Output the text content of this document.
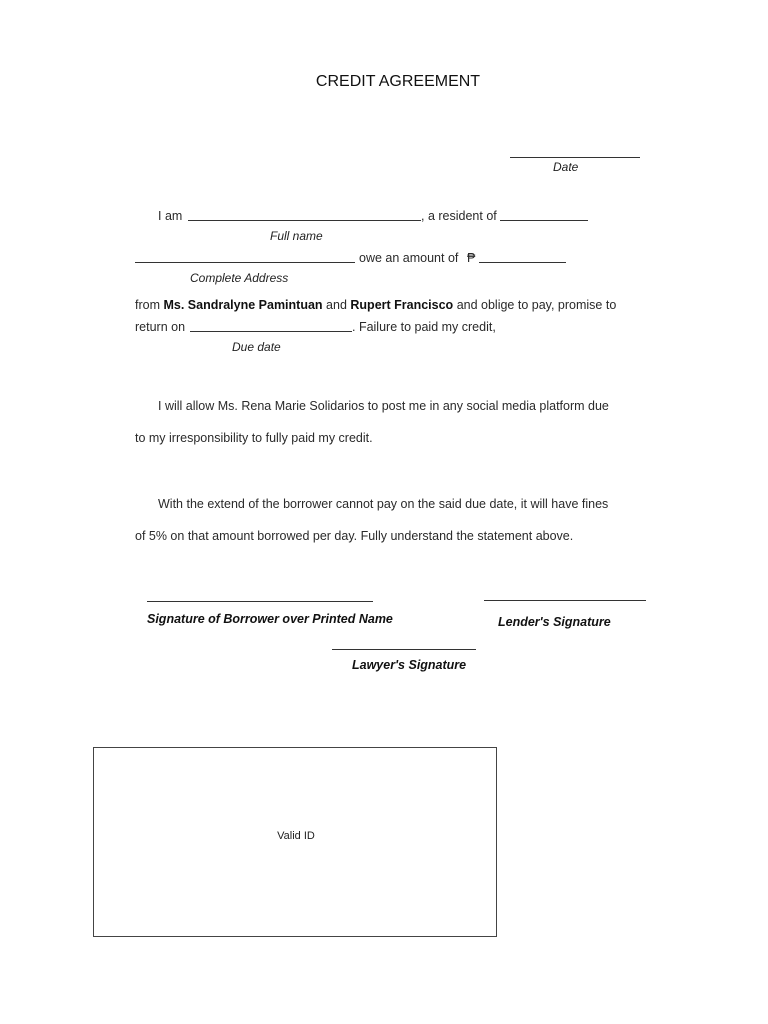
CREDIT AGREEMENT
Date
I am	, a resident of
Full name
owe an amount of ₱
Complete Address
from Ms. Sandralyne Pamintuan and Rupert Francisco and oblige to pay, promise to
return on	. Failure to paid my credit,
Due date
I will allow Ms. Rena Marie Solidarios to post me in any social media platform due
to my irresponsibility to fully paid my credit.
With the extend of the borrower cannot pay on the said due date, it will have fines
of 5% on that amount borrowed per day. Fully understand the statement above.
Signature of Borrower over Printed Name	Lender's Signature
Lawyer's Signature
Valid ID
